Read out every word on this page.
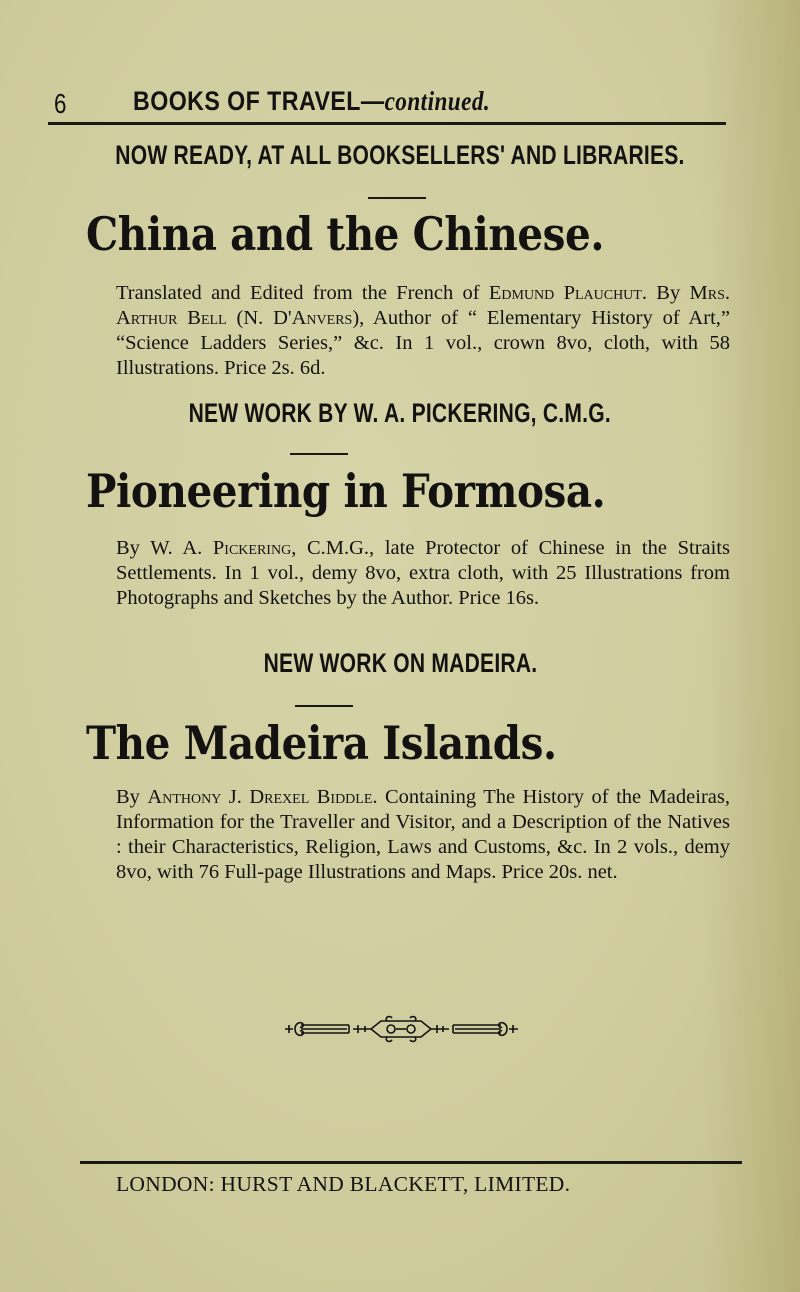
6 BOOKS OF TRAVEL—continued.
NOW READY, AT ALL BOOKSELLERS' AND LIBRARIES.
China and the Chinese.
Translated and Edited from the French of Edmund Plauchut. By Mrs. Arthur Bell (N. D'Anvers), Author of “ Elementary History of Art,” “Science Ladders Series,” &c. In 1 vol., crown 8vo, cloth, with 58 Illustrations. Price 2s. 6d.
NEW WORK BY W. A. PICKERING, C.M.G.
Pioneering in Formosa.
By W. A. Pickering, C.M.G., late Protector of Chinese in the Straits Settlements. In 1 vol., demy 8vo, extra cloth, with 25 Illustrations from Photographs and Sketches by the Author. Price 16s.
NEW WORK ON MADEIRA.
The Madeira Islands.
By Anthony J. Drexel Biddle. Containing The History of the Madeiras, Information for the Traveller and Visitor, and a Description of the Natives : their Characteristics, Religion, Laws and Customs, &c. In 2 vols., demy 8vo, with 76 Full-page Illustrations and Maps. Price 20s. net.
LONDON: HURST AND BLACKETT, LIMITED.
